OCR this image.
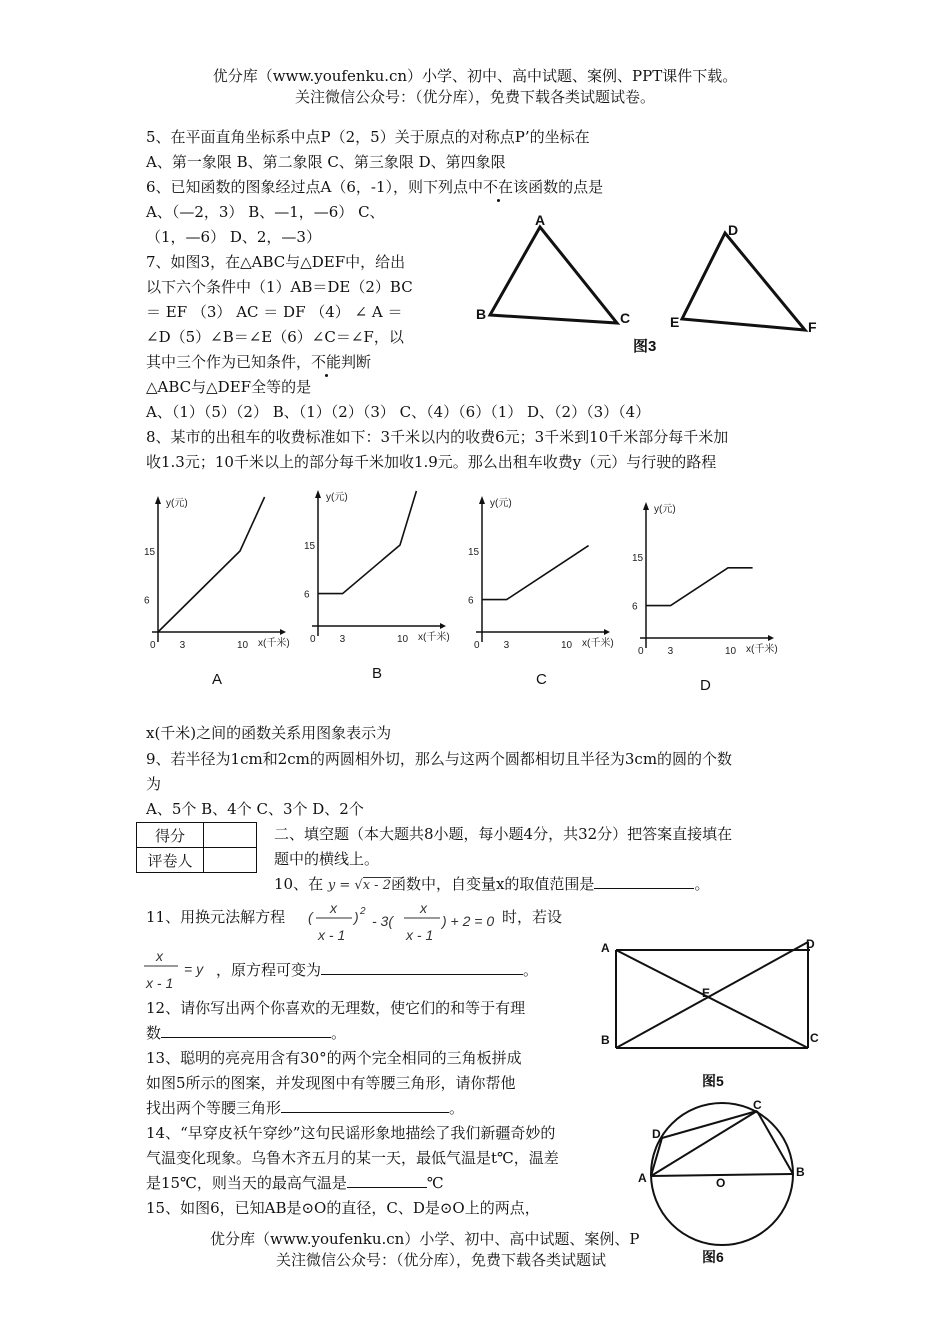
优分库（www.youfenku.cn）小学、初中、高中试题、案例、PPT课件下载。
关注微信公众号：（优分库），免费下载各类试题试卷。
5、在平面直角坐标系中点P（2，5）关于原点的对称点P’的坐标在
A、第一象限 B、第二象限 C、第三象限 D、第四象限
6、已知函数的图象经过点A（6，-1），则下列点中不在该函数的点是
A、（—2，3） B、—1，—6） C、
（1，—6） D、2，—3）
7、如图3，在△ABC与△DEF中，给出
以下六个条件中（1）AB＝DE（2）BC
＝ EF （3） AC ＝ DF （4） ∠ A ＝
∠D（5）∠B＝∠E（6）∠C＝∠F，以
其中三个作为已知条件，不能判断
△ABC与△DEF全等的是
A、（1）（5）（2） B、（1）（2）（3） C、（4）（6）（1） D、（2）（3）（4）
A
B	C
D
E	F
图3
8、某市的出租车的收费标准如下：3千米以内的收费6元；3千米到10千米部分每千米加
收1.3元；10千米以上的部分每千米加收1.9元。那么出租车收费y（元）与行驶的路程
y(元)
x(千米)
15
6
0 3	10
A
y(元)
x(千米)
15
6
0 3	10
B
y(元)
x(千米)
15
6
0 3	10
C
y(元)
x(千米)
15
6
0 3	10
D
x(千米)之间的函数关系用图象表示为
9、若半径为1cm和2cm的两圆相外切，那么与这两个圆都相切且半径为3cm的圆的个数
为
A、5个 B、4个 C、3个 D、2个
得分	
评卷人	
二、填空题（本大题共8小题，每小题4分，共32分）把答案直接填在
题中的横线上。
10、在 y = √x - 2函数中，自变量x的取值范围是	。
11、用换元法解方程 (
x
x - 1
) 2
- 3(
x
x - 1
) + 2 = 0 时，若设
x
x - 1
= y ，原方程可变为	。
12、请你写出两个你喜欢的无理数，使它们的和等于有理
数	。
13、聪明的亮亮用含有30°的两个完全相同的三角板拼成
如图5所示的图案，并发现图中有等腰三角形，请你帮他
找出两个等腰三角形	。
14、“早穿皮袄午穿纱”这句民谣形象地描绘了我们新疆奇妙的
气温变化现象。乌鲁木齐五月的某一天，最低气温是t℃，温差
是15℃，则当天的最高气温是	℃
15、如图6，已知AB是⊙O的直径，C、D是⊙O上的两点，
A
B	C
D
E
图5
A	B
C
D
O
图6
优分库（www.youfenku.cn）小学、初中、高中试题、案例、P
关注微信公众号：（优分库），免费下载各类试题试
